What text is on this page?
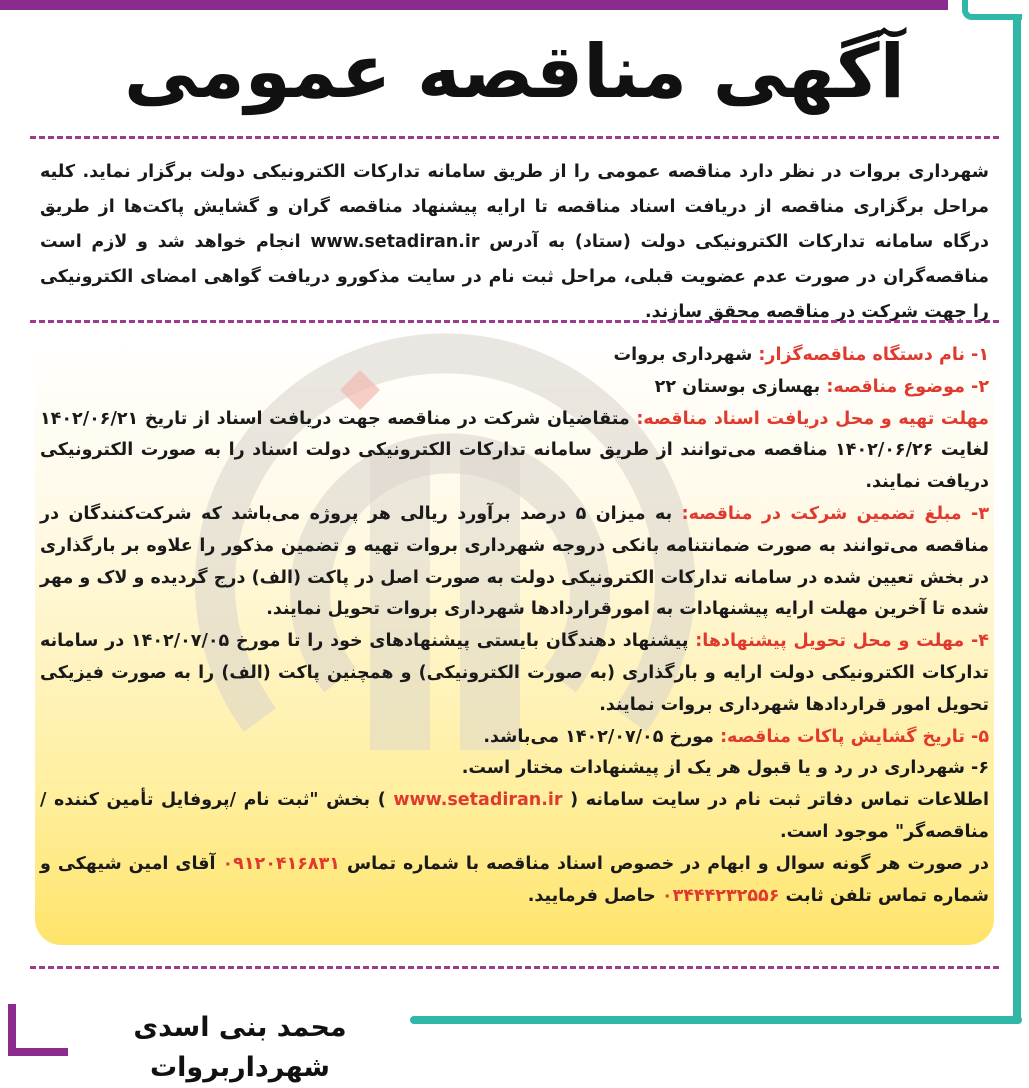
آگهی مناقصه عمومی
شهرداری بروات در نظر دارد مناقصه عمومی را از طریق سامانه تدارکات الکترونیکی دولت برگزار نماید. کلیه مراحل برگزاری مناقصه از دریافت اسناد مناقصه تا ارایه پیشنهاد مناقصه گران و گشایش پاکت‌ها از طریق درگاه سامانه تدارکات الکترونیکی دولت (ستاد) به آدرس www.setadiran.ir انجام خواهد شد و لازم است مناقصه‌گران در صورت عدم عضویت قبلی، مراحل ثبت نام در سایت مذکورو دریافت گواهی امضای الکترونیکی را جهت شرکت در مناقصه محقق سازند.

۱- نام دستگاه مناقصه‌گزار: شهرداری بروات

۲- موضوع مناقصه: بهسازی بوستان ۲۲

مهلت تهیه و محل دریافت اسناد مناقصه: متقاضیان شرکت در مناقصه جهت دریافت اسناد از تاریخ ۱۴۰۲/۰۶/۲۱ لغایت ۱۴۰۲/۰۶/۲۶ مناقصه می‌توانند از طریق سامانه تدارکات الکترونیکی دولت اسناد را به صورت الکترونیکی دریافت نمایند.

۳- مبلغ تضمین شرکت در مناقصه: به میزان ۵ درصد برآورد ریالی هر پروژه می‌باشد که شرکت‌کنندگان در مناقصه می‌توانند به صورت ضمانتنامه بانکی دروجه شهرداری بروات تهیه و تضمین مذکور را علاوه بر بارگذاری در بخش تعیین شده در سامانه تدارکات الکترونیکی دولت به صورت اصل در پاکت (الف) درج گردیده و لاک و مهر شده تا آخرین مهلت ارایه پیشنهادات به امورقراردادها شهرداری بروات تحویل نمایند.

۴- مهلت و محل تحویل پیشنهادها: پیشنهاد دهندگان بایستی پیشنهادهای خود را تا مورخ ۱۴۰۲/۰۷/۰۵ در سامانه تدارکات الکترونیکی دولت ارایه و بارگذاری (به صورت الکترونیکی) و همچنین پاکت (الف) را به صورت فیزیکی تحویل امور قراردادها شهرداری بروات نمایند.

۵- تاریخ گشایش پاکات مناقصه: مورخ ۱۴۰۲/۰۷/۰۵ می‌باشد.

۶- شهرداری در رد و یا قبول هر یک از پیشنهادات مختار است.

اطلاعات تماس دفاتر ثبت نام در سایت سامانه ( www.setadiran.ir ) بخش "ثبت نام /پروفایل تأمین کننده /مناقصه‌گر" موجود است.

در صورت هر گونه سوال و ابهام در خصوص اسناد مناقصه با شماره تماس ۰۹۱۲۰۴۱۶۸۳۱ آقای امین شیهکی و شماره تماس تلفن ثابت ۰۳۴۴۴۲۳۲۵۵۶ حاصل فرمایید.

محمد بنی اسدی شهرداربروات
